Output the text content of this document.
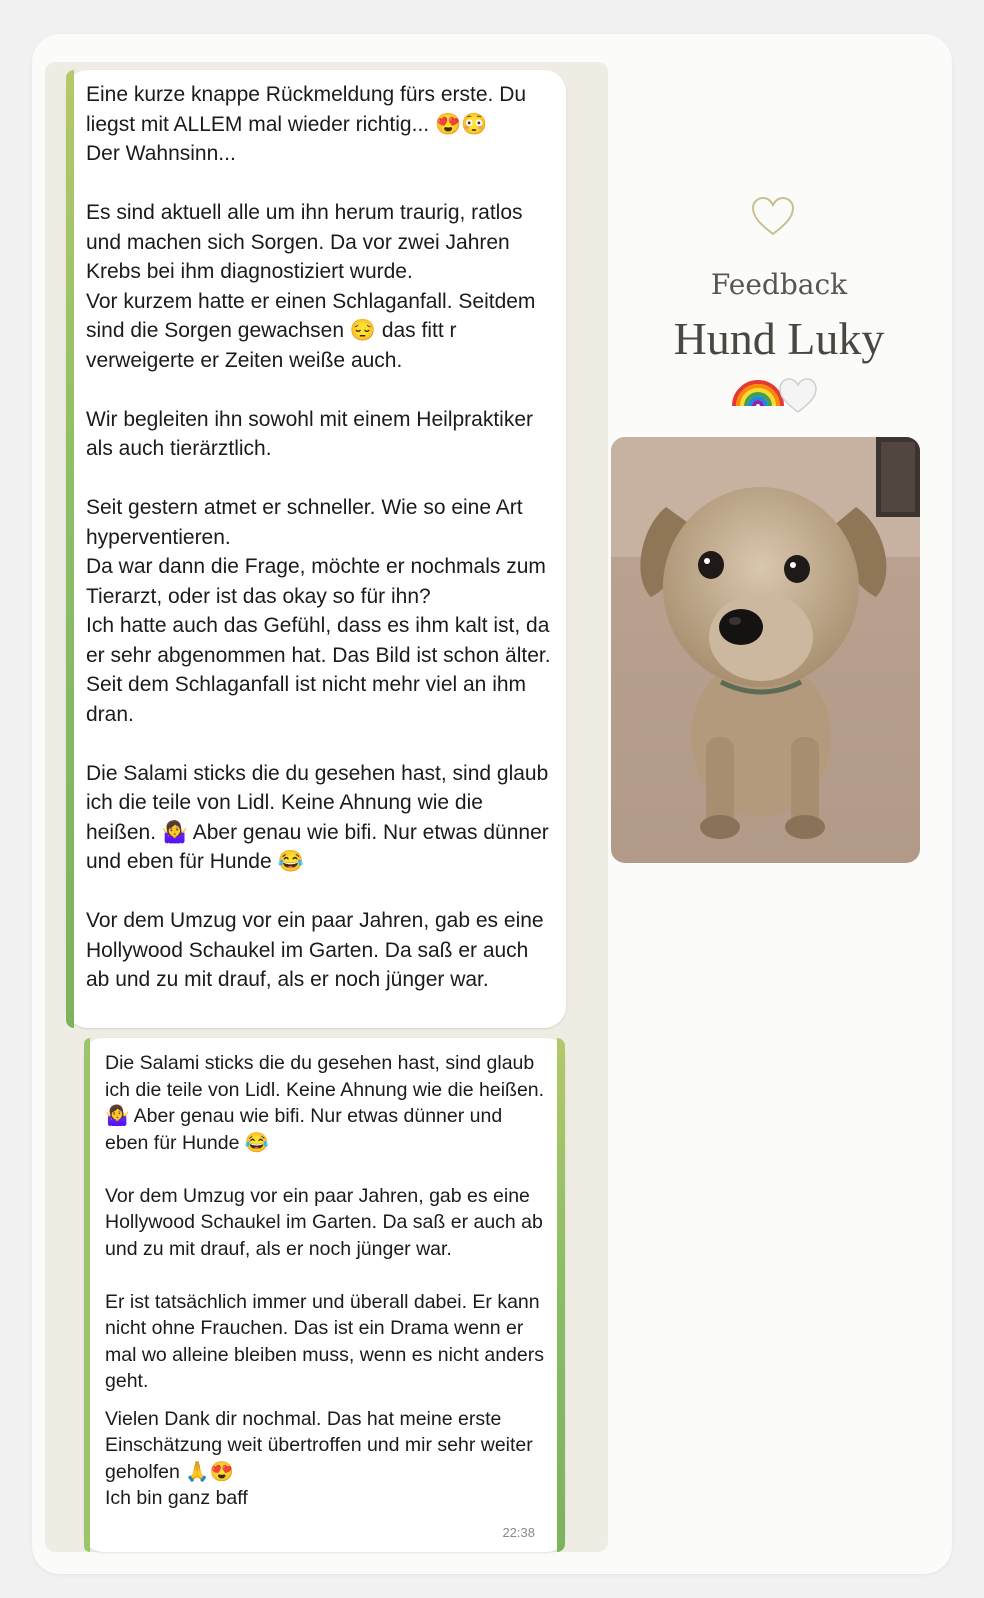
Eine kurze knappe Rückmeldung fürs erste. Du liegst mit ALLEM mal wieder richtig... 😍😳
Der Wahnsinn...

Es sind aktuell alle um ihn herum traurig, ratlos und machen sich Sorgen. Da vor zwei Jahren Krebs bei ihm diagnostiziert wurde.
Vor kurzem hatte er einen Schlaganfall. Seitdem sind die Sorgen gewachsen 😔 das fitt r verweigerte er Zeiten weiße auch.

Wir begleiten ihn sowohl mit einem Heilpraktiker als auch tierärztlich.

Seit gestern atmet er schneller. Wie so eine Art hyperventieren.
Da war dann die Frage, möchte er nochmals zum Tierarzt, oder ist das okay so für ihn?
Ich hatte auch das Gefühl, dass es ihm kalt ist, da er sehr abgenommen hat. Das Bild ist schon älter. Seit dem Schlaganfall ist nicht mehr viel an ihm dran.

Die Salami sticks die du gesehen hast, sind glaub ich die teile von Lidl. Keine Ahnung wie die heißen. 🤷‍♀️ Aber genau wie bifi. Nur etwas dünner und eben für Hunde 😂

Vor dem Umzug vor ein paar Jahren, gab es eine Hollywood Schaukel im Garten. Da saß er auch ab und zu mit drauf, als er noch jünger war.

Die Salami sticks die du gesehen hast, sind glaub ich die teile von Lidl. Keine Ahnung wie die heißen. 🤷‍♀️ Aber genau wie bifi. Nur etwas dünner und eben für Hunde 😂

Vor dem Umzug vor ein paar Jahren, gab es eine Hollywood Schaukel im Garten. Da saß er auch ab und zu mit drauf, als er noch jünger war.

Er ist tatsächlich immer und überall dabei. Er kann nicht ohne Frauchen. Das ist ein Drama wenn er mal wo alleine bleiben muss, wenn es nicht anders geht.

Vielen Dank dir nochmal. Das hat meine erste Einschätzung weit übertroffen und mir sehr weiter geholfen 🙏😍
Ich bin ganz baff

22:38
Feedback
Hund Luky
